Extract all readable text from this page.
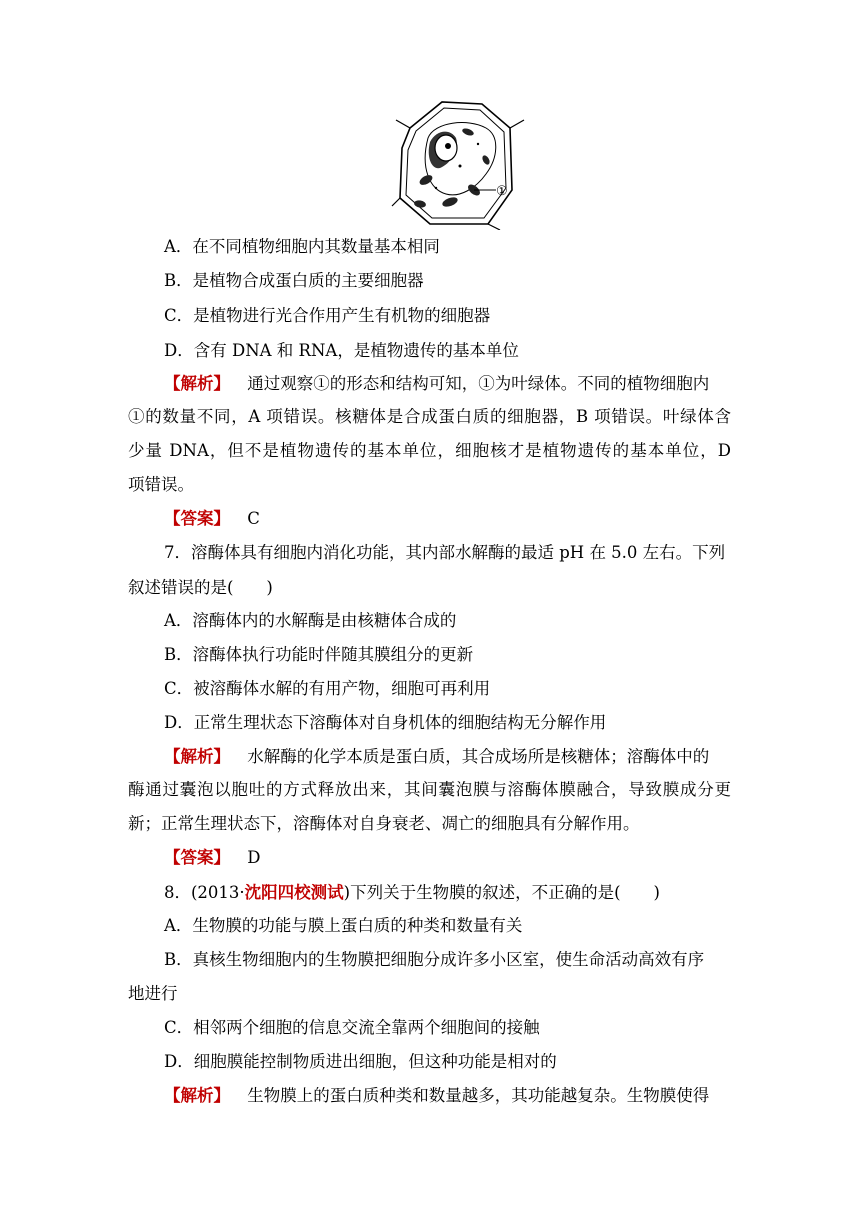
①
A．在不同植物细胞内其数量基本相同
B．是植物合成蛋白质的主要细胞器
C．是植物进行光合作用产生有机物的细胞器
D．含有 DNA 和 RNA，是植物遗传的基本单位
【解析】 通过观察①的形态和结构可知，①为叶绿体。不同的植物细胞内
①的数量不同，A 项错误。核糖体是合成蛋白质的细胞器，B 项错误。叶绿体含
少量 DNA，但不是植物遗传的基本单位，细胞核才是植物遗传的基本单位，D
项错误。
【答案】 C
7．溶酶体具有细胞内消化功能，其内部水解酶的最适 pH 在 5.0 左右。下列
叙述错误的是(　　)
A．溶酶体内的水解酶是由核糖体合成的
B．溶酶体执行功能时伴随其膜组分的更新
C．被溶酶体水解的有用产物，细胞可再利用
D．正常生理状态下溶酶体对自身机体的细胞结构无分解作用
【解析】 水解酶的化学本质是蛋白质，其合成场所是核糖体；溶酶体中的
酶通过囊泡以胞吐的方式释放出来，其间囊泡膜与溶酶体膜融合，导致膜成分更
新；正常生理状态下，溶酶体对自身衰老、凋亡的细胞具有分解作用。
【答案】 D
8．(2013·沈阳四校测试)下列关于生物膜的叙述，不正确的是(　　)
A．生物膜的功能与膜上蛋白质的种类和数量有关
B．真核生物细胞内的生物膜把细胞分成许多小区室，使生命活动高效有序
地进行
C．相邻两个细胞的信息交流全靠两个细胞间的接触
D．细胞膜能控制物质进出细胞，但这种功能是相对的
【解析】 生物膜上的蛋白质种类和数量越多，其功能越复杂。生物膜使得
